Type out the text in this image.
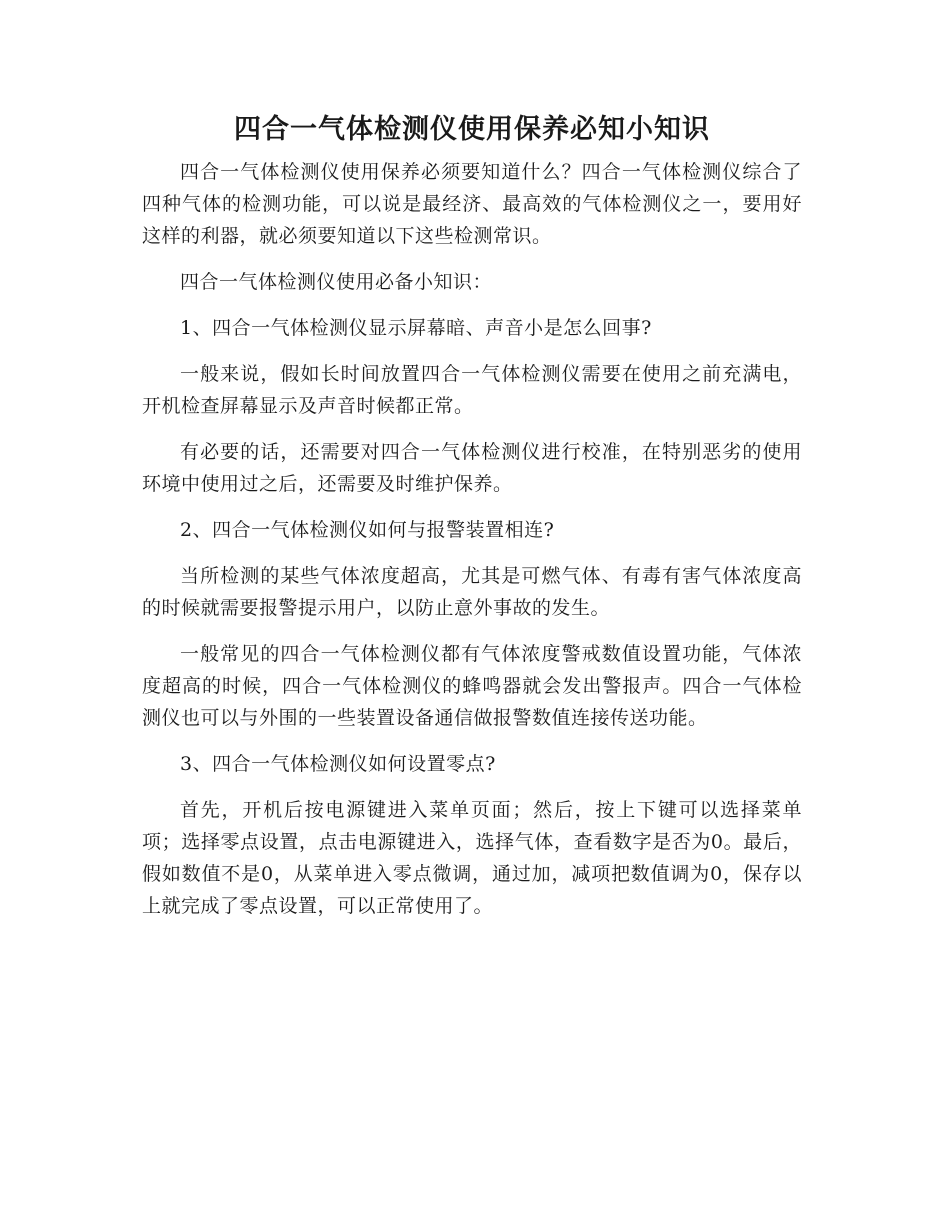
四合一气体检测仪使用保养必知小知识

四合一气体检测仪使用保养必须要知道什么？四合一气体检测仪综合了四种气体的检测功能，可以说是最经济、最高效的气体检测仪之一，要用好这样的利器，就必须要知道以下这些检测常识。

四合一气体检测仪使用必备小知识：

1、四合一气体检测仪显示屏幕暗、声音小是怎么回事?

一般来说，假如长时间放置四合一气体检测仪需要在使用之前充满电，开机检查屏幕显示及声音时候都正常。

有必要的话，还需要对四合一气体检测仪进行校准，在特别恶劣的使用环境中使用过之后，还需要及时维护保养。

2、四合一气体检测仪如何与报警装置相连?

当所检测的某些气体浓度超高，尤其是可燃气体、有毒有害气体浓度高的时候就需要报警提示用户，以防止意外事故的发生。

一般常见的四合一气体检测仪都有气体浓度警戒数值设置功能，气体浓度超高的时候，四合一气体检测仪的蜂鸣器就会发出警报声。四合一气体检测仪也可以与外围的一些装置设备通信做报警数值连接传送功能。

3、四合一气体检测仪如何设置零点?

首先，开机后按电源键进入菜单页面；然后，按上下键可以选择菜单项；选择零点设置，点击电源键进入，选择气体，查看数字是否为0。最后，假如数值不是0，从菜单进入零点微调，通过加，减项把数值调为0，保存以上就完成了零点设置，可以正常使用了。
